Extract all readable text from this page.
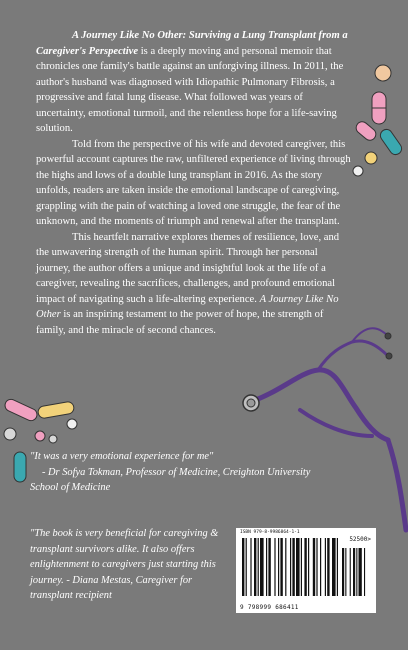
A Journey Like No Other: Surviving a Lung Transplant from a Caregiver's Perspective is a deeply moving and personal memoir that chronicles one family's battle against an unforgiving illness. In 2011, the author's husband was diagnosed with Idiopathic Pulmonary Fibrosis, a progressive and fatal lung disease. What followed was years of uncertainty, emotional turmoil, and the relentless hope for a life-saving solution.

Told from the perspective of his wife and devoted caregiver, this powerful account captures the raw, unfiltered experience of living through the highs and lows of a double lung transplant in 2016. As the story unfolds, readers are taken inside the emotional landscape of caregiving, grappling with the pain of watching a loved one struggle, the fear of the unknown, and the moments of triumph and renewal after the transplant.

This heartfelt narrative explores themes of resilience, love, and the unwavering strength of the human spirit. Through her personal journey, the author offers a unique and insightful look at the life of a caregiver, revealing the sacrifices, challenges, and profound emotional impact of navigating such a life-altering experience. A Journey Like No Other is an inspiring testament to the power of hope, the strength of family, and the miracle of second chances.

"It was a very emotional experience for me"
- Dr Sofya Tokman, Professor of Medicine, Creighton University
School of Medicine
"The book is very beneficial for caregiving & transplant survivors alike. It also offers enlightenment to caregivers just starting this journey. - Diana Mestas, Caregiver for transplant recipient
ISBN 979-8-9986864-1-1
52500>
9 798999 686411
